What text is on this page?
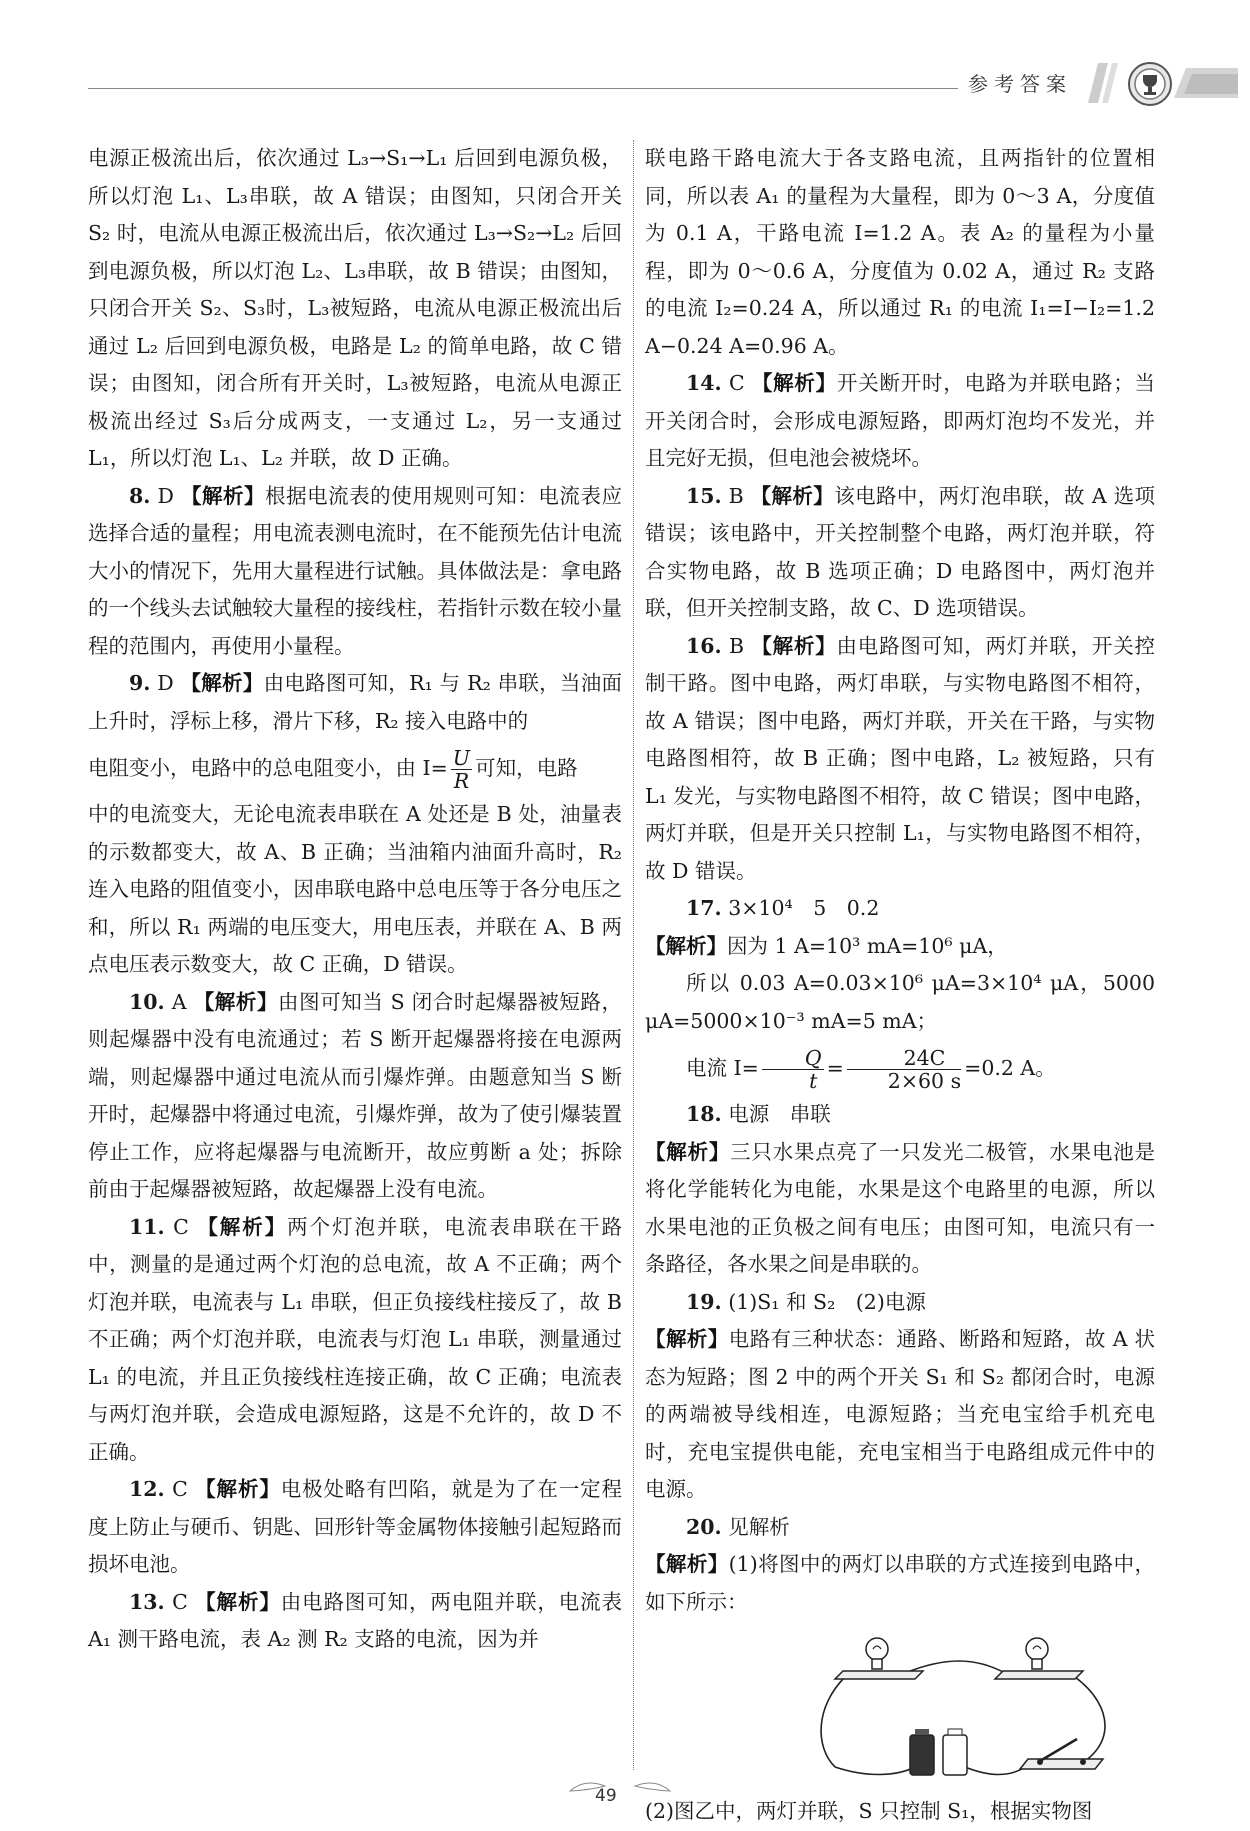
参考答案

电源正极流出后，依次通过 L₃→S₁→L₁ 后回到电源负极，所以灯泡 L₁、L₃串联，故 A 错误；由图知，只闭合开关 S₂ 时，电流从电源正极流出后，依次通过 L₃→S₂→L₂ 后回到电源负极，所以灯泡 L₂、L₃串联，故 B 错误；由图知，只闭合开关 S₂、S₃时，L₃被短路，电流从电源正极流出后通过 L₂ 后回到电源负极，电路是 L₂ 的简单电路，故 C 错误；由图知，闭合所有开关时，L₃被短路，电流从电源正极流出经过 S₃后分成两支，一支通过 L₂，另一支通过 L₁，所以灯泡 L₁、L₂ 并联，故 D 正确。

8. D 【解析】根据电流表的使用规则可知：电流表应选择合适的量程；用电流表测电流时，在不能预先估计电流大小的情况下，先用大量程进行试触。具体做法是：拿电路的一个线头去试触较大量程的接线柱，若指针示数在较小量程的范围内，再使用小量程。

9. D 【解析】由电路图可知，R₁ 与 R₂ 串联，当油面上升时，浮标上移，滑片下移，R₂ 接入电路中的

电阻变小，电路中的总电阻变小，由 $I= \frac{U}{R}$ 可知，电路

中的电流变大，无论电流表串联在 A 处还是 B 处，油量表的示数都变大，故 A、B 正确；当油箱内油面升高时，R₂ 连入电路的阻值变小，因串联电路中总电压等于各分电压之和，所以 R₁ 两端的电压变大，用电压表，并联在 A、B 两点电压表示数变大，故 C 正确，D 错误。

10. A 【解析】由图可知当 S 闭合时起爆器被短路，则起爆器中没有电流通过；若 S 断开起爆器将接在电源两端，则起爆器中通过电流从而引爆炸弹。由题意知当 S 断开时，起爆器中将通过电流，引爆炸弹，故为了使引爆装置停止工作，应将起爆器与电流断开，故应剪断 a 处；拆除前由于起爆器被短路，故起爆器上没有电流。

11. C 【解析】两个灯泡并联，电流表串联在干路中，测量的是通过两个灯泡的总电流，故 A 不正确；两个灯泡并联，电流表与 L₁ 串联，但正负接线柱接反了，故 B 不正确；两个灯泡并联，电流表与灯泡 L₁ 串联，测量通过 L₁ 的电流，并且正负接线柱连接正确，故 C 正确；电流表与两灯泡并联，会造成电源短路，这是不允许的，故 D 不正确。

12. C 【解析】电极处略有凹陷，就是为了在一定程度上防止与硬币、钥匙、回形针等金属物体接触引起短路而损坏电池。

13. C 【解析】由电路图可知，两电阻并联，电流表 A₁ 测干路电流，表 A₂ 测 R₂ 支路的电流，因为并

联电路干路电流大于各支路电流，且两指针的位置相同，所以表 A₁ 的量程为大量程，即为 0～3 A，分度值为 0.1 A，干路电流 I=1.2 A。表 A₂ 的量程为小量程，即为 0～0.6 A，分度值为 0.02 A，通过 R₂ 支路的电流 I₂=0.24 A，所以通过 R₁ 的电流 I₁=I−I₂=1.2 A−0.24 A=0.96 A。

14. C 【解析】开关断开时，电路为并联电路；当开关闭合时，会形成电源短路，即两灯泡均不发光，并且完好无损，但电池会被烧坏。

15. B 【解析】该电路中，两灯泡串联，故 A 选项错误；该电路中，开关控制整个电路，两灯泡并联，符合实物电路，故 B 选项正确；D 电路图中，两灯泡并联，但开关控制支路，故 C、D 选项错误。

16. B 【解析】由电路图可知，两灯并联，开关控制干路。图中电路，两灯串联，与实物电路图不相符，故 A 错误；图中电路，两灯并联，开关在干路，与实物电路图相符，故 B 正确；图中电路，L₂ 被短路，只有 L₁ 发光，与实物电路图不相符，故 C 错误；图中电路，两灯并联，但是开关只控制 L₁，与实物电路图不相符，故 D 错误。

17. 3×10⁴　5　0.2

【解析】因为 1 A=10³ mA=10⁶ μA，

所以 0.03 A=0.03×10⁶ μA=3×10⁴ μA，5000 μA=5000×10⁻³ mA=5 mA；

电流 $I= \frac{Q}{t} = \frac{24C}{2\times 60 s} =0.2$ A。

18. 电源　串联

【解析】三只水果点亮了一只发光二极管，水果电池是将化学能转化为电能，水果是这个电路里的电源，所以水果电池的正负极之间有电压；由图可知，电流只有一条路径，各水果之间是串联的。

19. (1)S₁ 和 S₂　(2)电源

【解析】电路有三种状态：通路、断路和短路，故 A 状态为短路；图 2 中的两个开关 S₁ 和 S₂ 都闭合时，电源的两端被导线相连，电源短路；当充电宝给手机充电时，充电宝提供电能，充电宝相当于电路组成元件中的电源。

20. 见解析

【解析】(1)将图中的两灯以串联的方式连接到电路中，如下所示：

(2)图乙中，两灯并联，S 只控制 S₁，根据实物图

49
